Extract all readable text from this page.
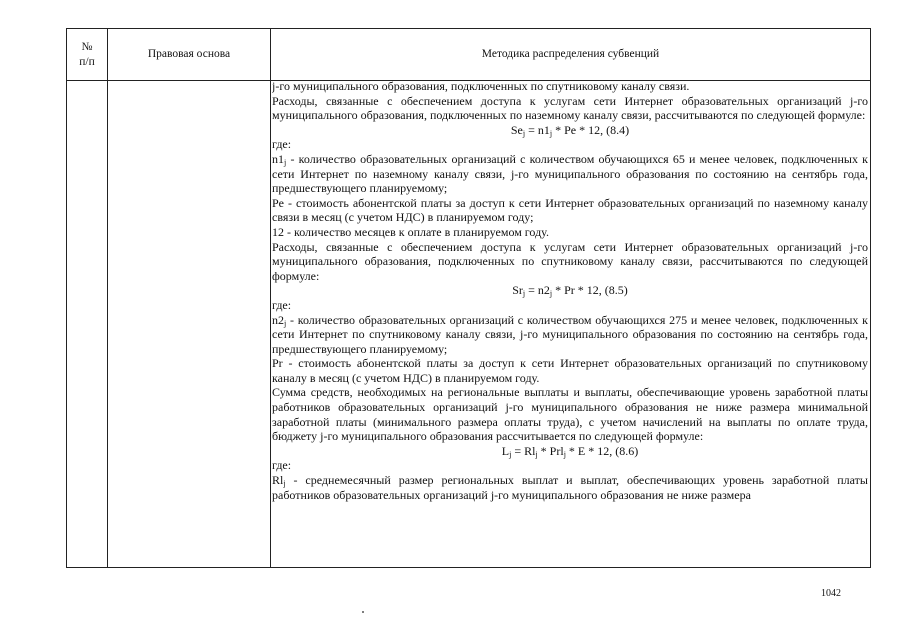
№
п/п
Правовая основа	Методика распределения субвенций

j-го муниципального образования, подключенных по спутниковому каналу связи.

Расходы, связанные с обеспечением доступа к услугам сети Интернет образовательных организаций j-го муниципального образования, подключенных по наземному каналу связи, рассчитываются по следующей формуле:

$Se_j = n1_j * Pe * 12$, (8.4)

где:

$n1_j$ - количество образовательных организаций с количеством обучающихся 65 и менее человек, подключенных к сети Интернет по наземному каналу связи, j-го муниципального образования по состоянию на сентябрь года, предшествующего планируемому;

Pe - стоимость абонентской платы за доступ к сети Интернет образовательных организаций по наземному каналу связи в месяц (с учетом НДС) в планируемом году;

12 - количество месяцев к оплате в планируемом году.

Расходы, связанные с обеспечением доступа к услугам сети Интернет образовательных организаций j-го муниципального образования, подключенных по спутниковому каналу связи, рассчитываются по следующей формуле:

$Sr_j = n2_j * Pr * 12$, (8.5)

где:

$n2_j$ - количество образовательных организаций с количеством обучающихся 275 и менее человек, подключенных к сети Интернет по спутниковому каналу связи, j-го муниципального образования по состоянию на сентябрь года, предшествующего планируемому;

Pr - стоимость абонентской платы за доступ к сети Интернет образовательных организаций по спутниковому каналу в месяц (с учетом НДС) в планируемом году.

Сумма средств, необходимых на региональные выплаты и выплаты, обеспечивающие уровень заработной платы работников образовательных организаций j-го муниципального образования не ниже размера минимальной заработной платы (минимального размера оплаты труда), с учетом начислений на выплаты по оплате труда, бюджету j-го муниципального образования рассчитывается по следующей формуле:

$L_j = Rl_j * Prl_j * E * 12$, (8.6)

где:

$Rl_j$ - среднемесячный размер региональных выплат и выплат, обеспечивающих уровень заработной платы работников образовательных организаций j-го муниципального образования не ниже размера

1042
